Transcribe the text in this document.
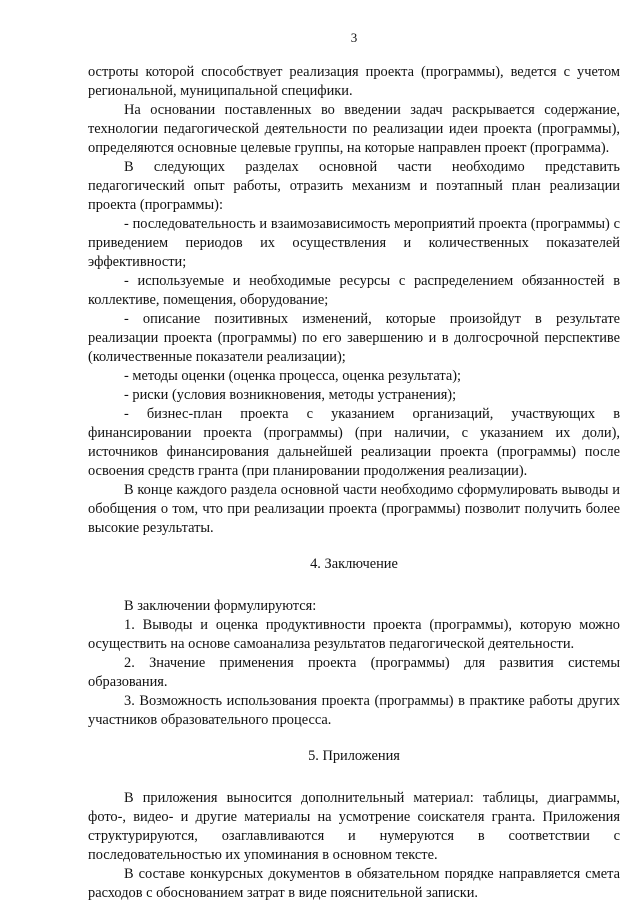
3

остроты которой способствует реализация проекта (программы), ведется с учетом региональной, муниципальной специфики.

На основании поставленных во введении задач раскрывается содержание, технологии педагогической деятельности по реализации идеи проекта (программы), определяются основные целевые группы, на которые направлен проект (программа).

В следующих разделах основной части необходимо представить педагогический опыт работы, отразить механизм и поэтапный план реализации проекта (программы):

- последовательность и взаимозависимость мероприятий проекта (программы) с приведением периодов их осуществления и количественных показателей эффективности;

- используемые и необходимые ресурсы с распределением обязанностей в коллективе, помещения, оборудование;

- описание позитивных изменений, которые произойдут в результате реализации проекта (программы) по его завершению и в долгосрочной перспективе (количественные показатели реализации);

- методы оценки (оценка процесса, оценка результата);

- риски (условия возникновения, методы устранения);

- бизнес-план проекта с указанием организаций, участвующих в финансировании проекта (программы) (при наличии, с указанием их доли), источников финансирования дальнейшей реализации проекта (программы) после освоения средств гранта (при планировании продолжения реализации).

В конце каждого раздела основной части необходимо сформулировать выводы и обобщения о том, что при реализации проекта (программы) позволит получить более высокие результаты.

4. Заключение

В заключении формулируются:

1. Выводы и оценка продуктивности проекта (программы), которую можно осуществить на основе самоанализа результатов педагогической деятельности.

2. Значение применения проекта (программы) для развития системы образования.

3. Возможность использования проекта (программы) в практике работы других участников образовательного процесса.

5. Приложения

В приложения выносится дополнительный материал: таблицы, диаграммы, фото-, видео- и другие материалы на усмотрение соискателя гранта. Приложения структурируются, озаглавливаются и нумеруются в соответствии с последовательностью их упоминания в основном тексте.

В составе конкурсных документов в обязательном порядке направляется смета расходов с обоснованием затрат в виде пояснительной записки.
